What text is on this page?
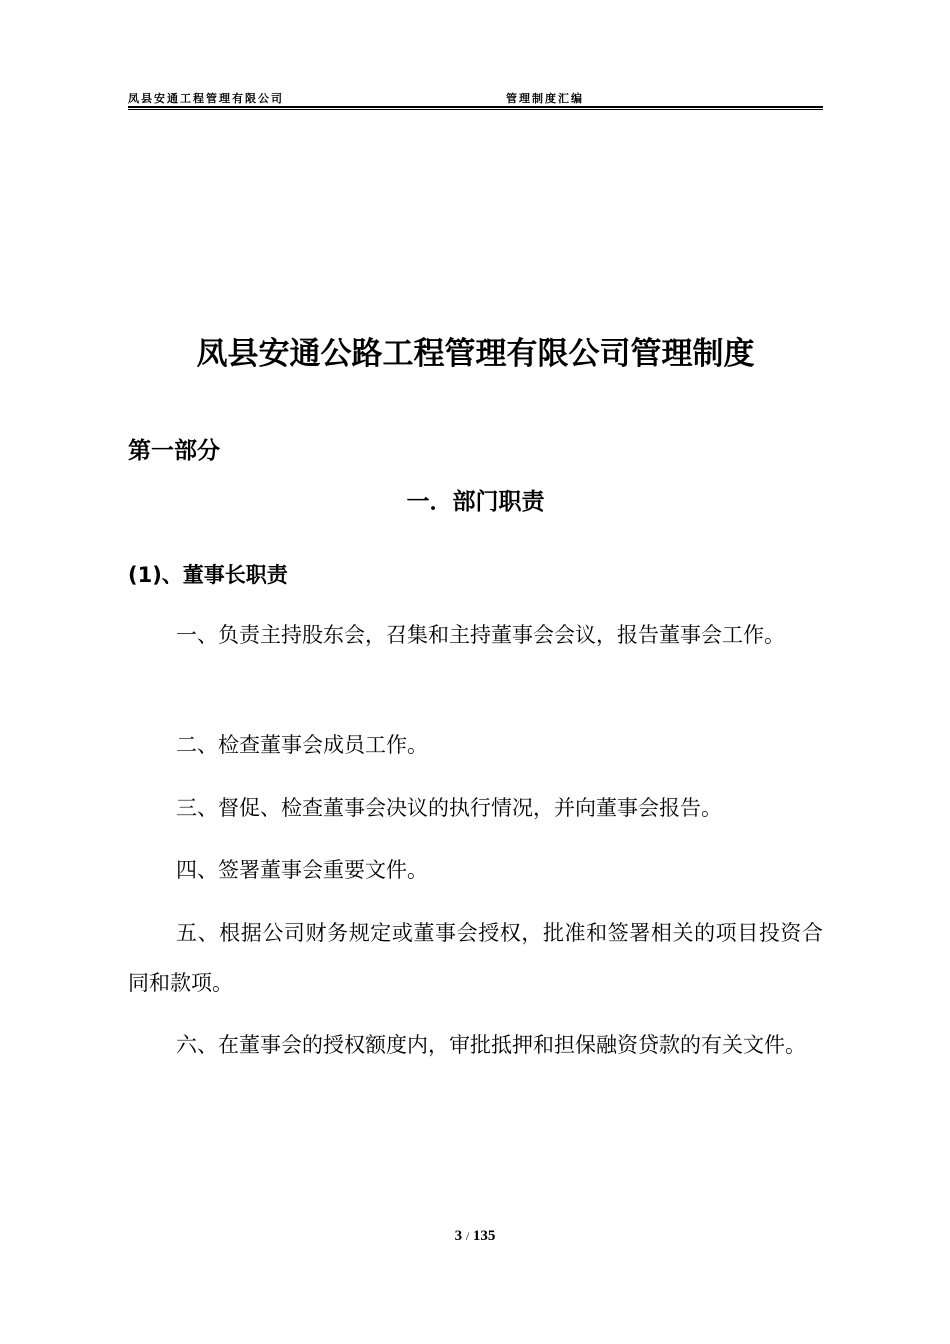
凤县安通工程管理有限公司	管理制度汇编
凤县安通公路工程管理有限公司管理制度
第一部分
一．部门职责
(1)、董事长职责

一、负责主持股东会，召集和主持董事会会议，报告董事会工作。

二、检查董事会成员工作。

三、督促、检查董事会决议的执行情况，并向董事会报告。

四、签署董事会重要文件。

五、根据公司财务规定或董事会授权，批准和签署相关的项目投资合同和款项。

六、在董事会的授权额度内，审批抵押和担保融资贷款的有关文件。

3 / 135
